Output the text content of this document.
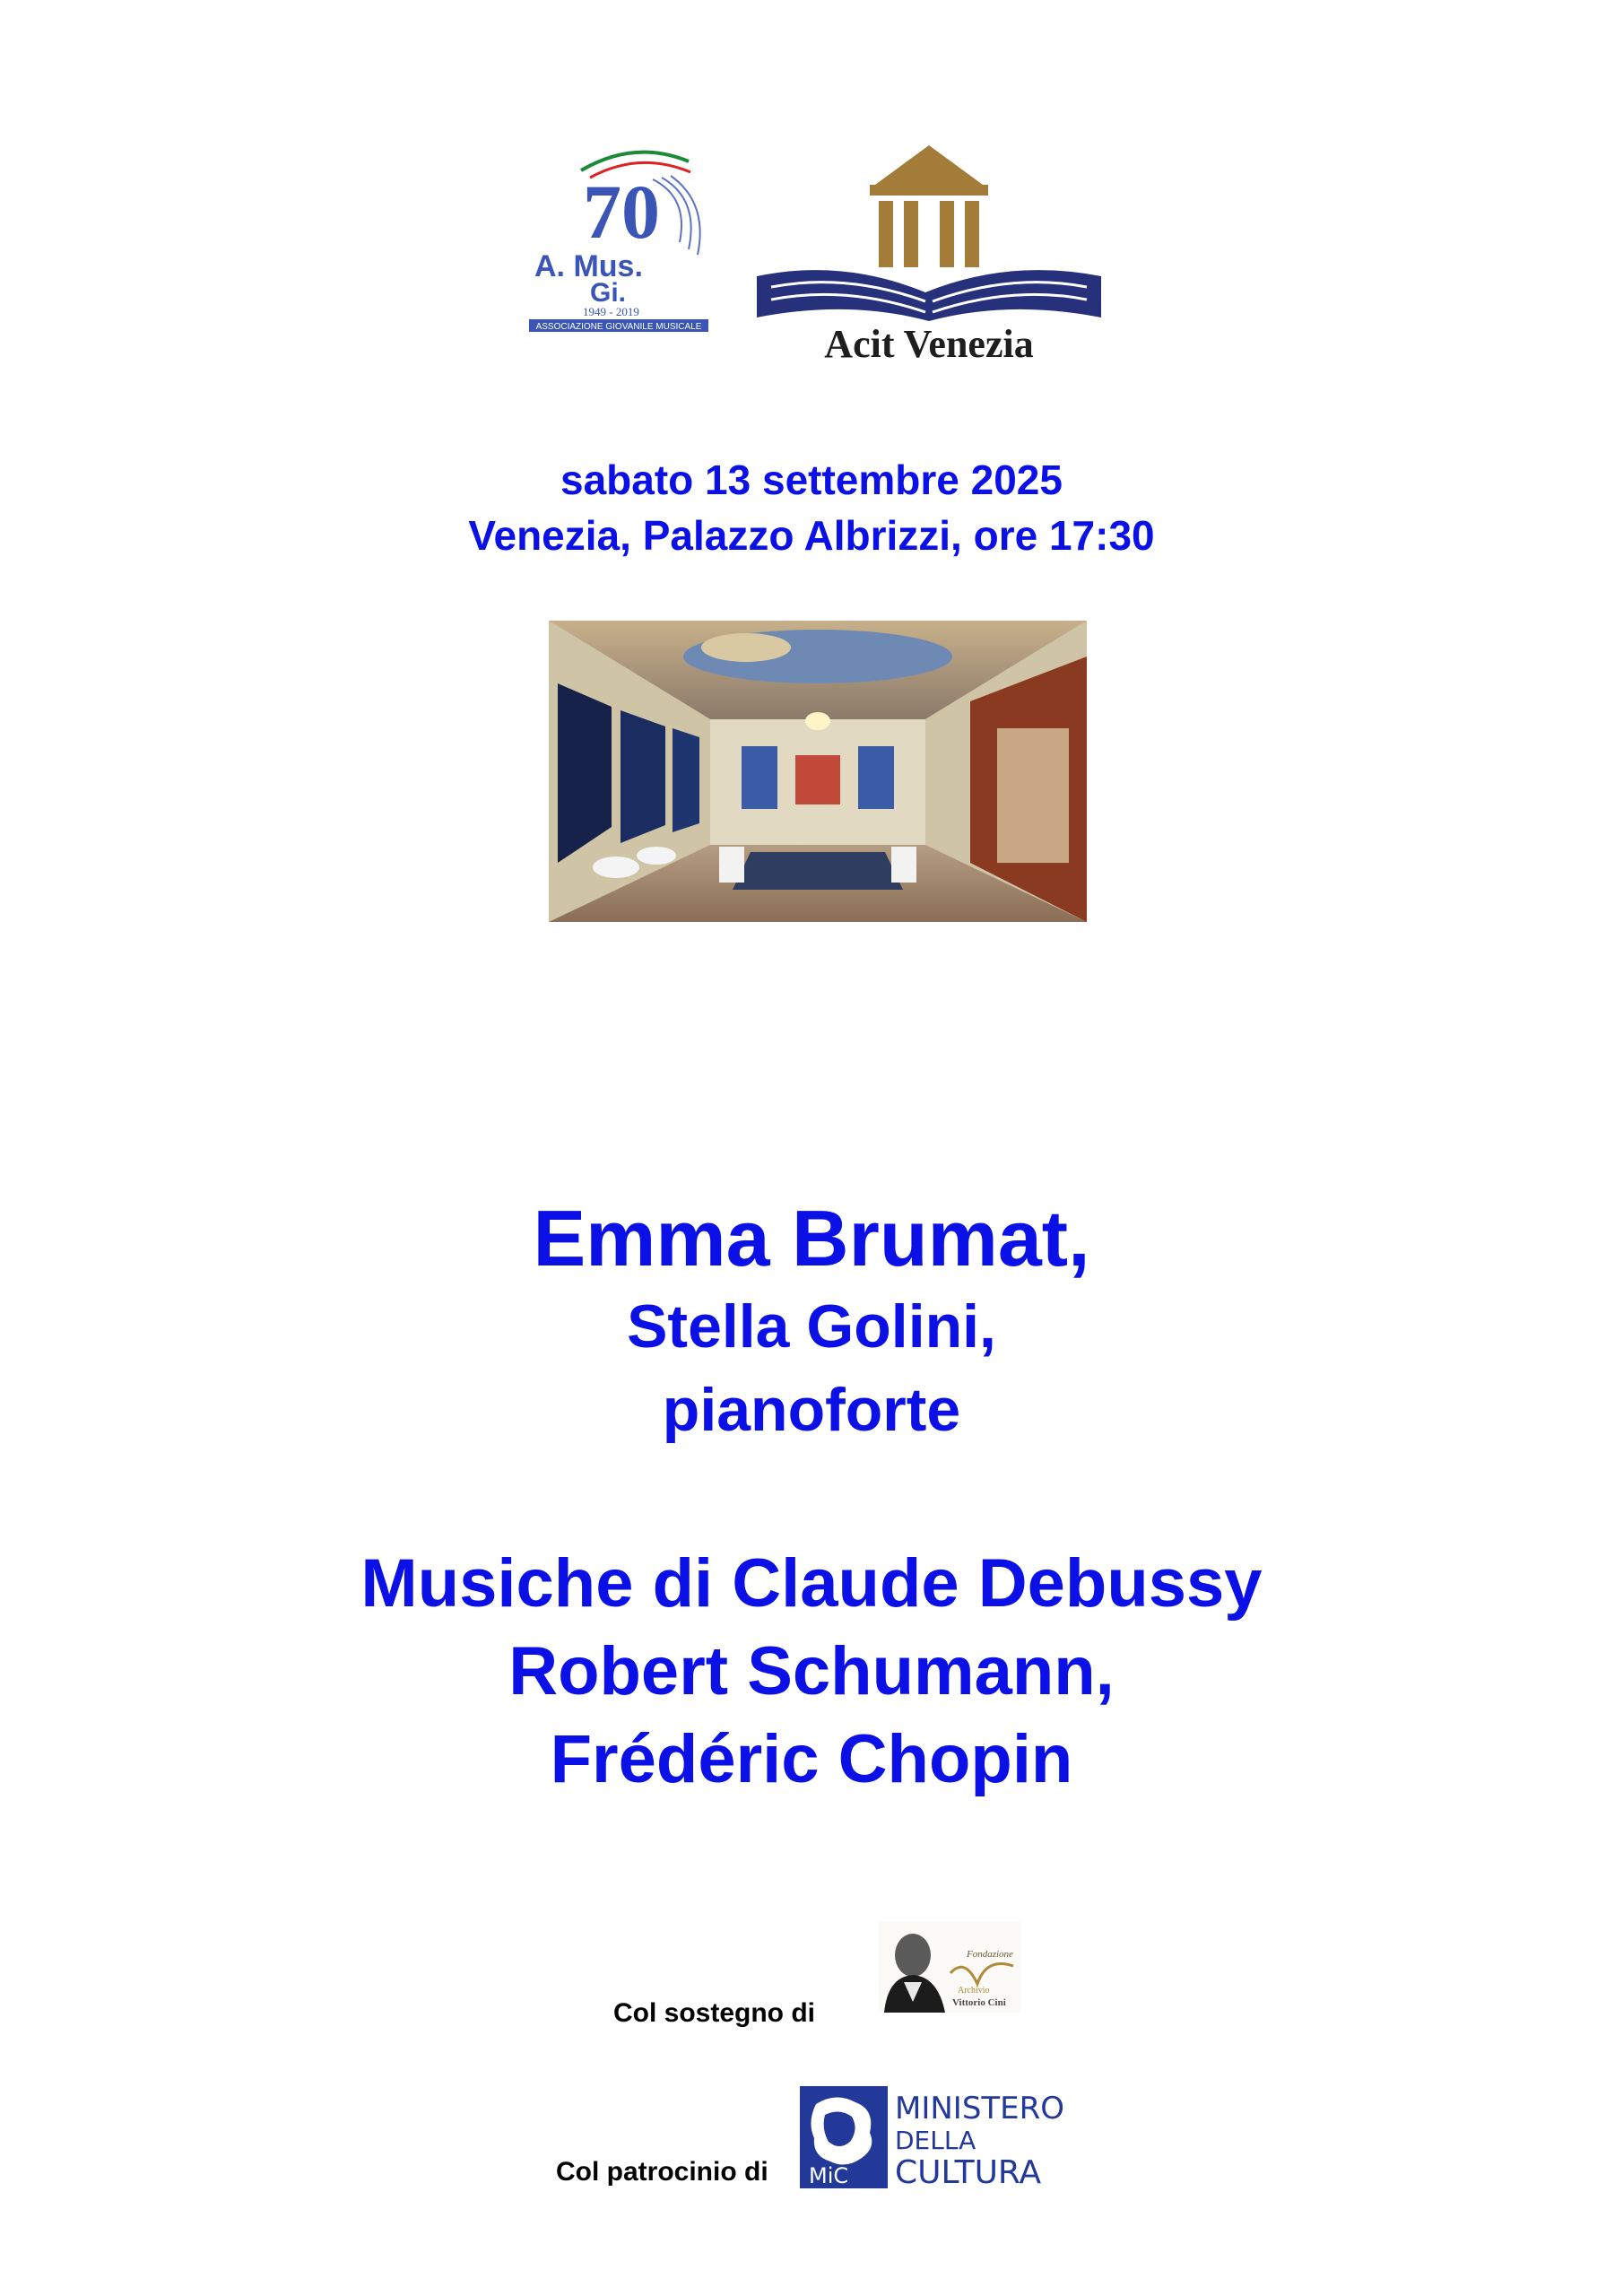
70
A. Mus.
Gi.
1949 - 2019
ASSOCIAZIONE GIOVANILE MUSICALE	Acit Venezia
sabato 13 settembre 2025
Venezia, Palazzo Albrizzi, ore 17:30
Emma Brumat,
Stella Golini,
pianoforte
Musiche di Claude Debussy
Robert Schumann,
Frédéric Chopin
Col sostegno di
Fondazione
Archivio
Vittorio Cini
Col patrocinio di MiC
MINISTERO
DELLA
CULTURA
